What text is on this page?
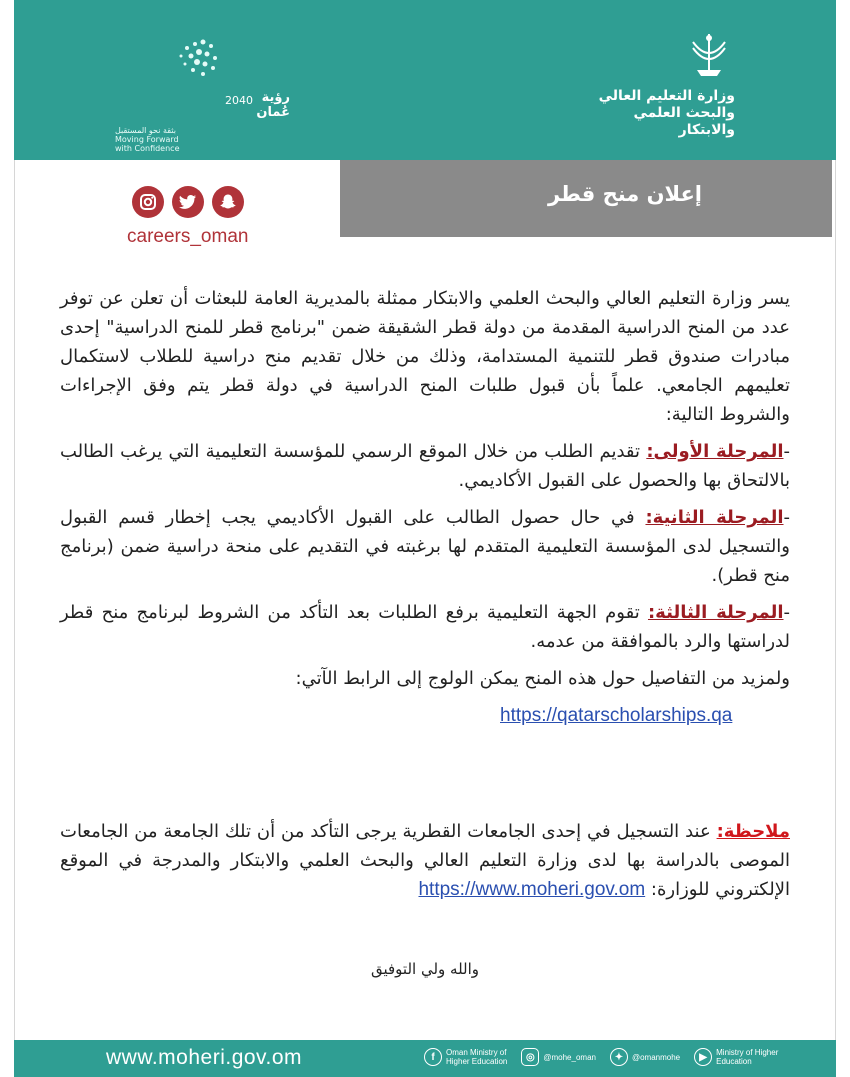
وزارة التعليم العالي
والبحث العلمي والابتكار
2040 رؤية عُمان
بثقة نحو المستقبل
Moving Forward
with Confidence
إعلان منح قطر
careers_oman

يسر وزارة التعليم العالي والبحث العلمي والابتكار ممثلة بالمديرية العامة للبعثات أن تعلن عن توفر عدد من المنح الدراسية المقدمة من دولة قطر الشقيقة ضمن "برنامج قطر للمنح الدراسية" إحدى مبادرات صندوق قطر للتنمية المستدامة، وذلك من خلال تقديم منح دراسية للطلاب لاستكمال تعليمهم الجامعي. علماً بأن قبول طلبات المنح الدراسية في دولة قطر يتم وفق الإجراءات والشروط التالية:

-المرحلة الأولى: تقديم الطلب من خلال الموقع الرسمي للمؤسسة التعليمية التي يرغب الطالب بالالتحاق بها والحصول على القبول الأكاديمي.

-المرحلة الثانية: في حال حصول الطالب على القبول الأكاديمي يجب إخطار قسم القبول والتسجيل لدى المؤسسة التعليمية المتقدم لها برغبته في التقديم على منحة دراسية ضمن (برنامج منح قطر).

-المرحلة الثالثة: تقوم الجهة التعليمية برفع الطلبات بعد التأكد من الشروط لبرنامج منح قطر لدراستها والرد بالموافقة من عدمه.

ولمزيد من التفاصيل حول هذه المنح يمكن الولوج إلى الرابط الآتي:

https://qatarscholarships.qa

ملاحظة: عند التسجيل في إحدى الجامعات القطرية يرجى التأكد من أن تلك الجامعة من الجامعات الموصى بالدراسة بها لدى وزارة التعليم العالي والبحث العلمي والابتكار والمدرجة في الموقع الإلكتروني للوزارة: https://www.moheri.gov.om
والله ولي التوفيق
www.moheri.gov.om	f	Oman Ministry of
Higher Education	◎	@mohe_oman	✦	@omanmohe	▶	Ministry of Higher
Education
